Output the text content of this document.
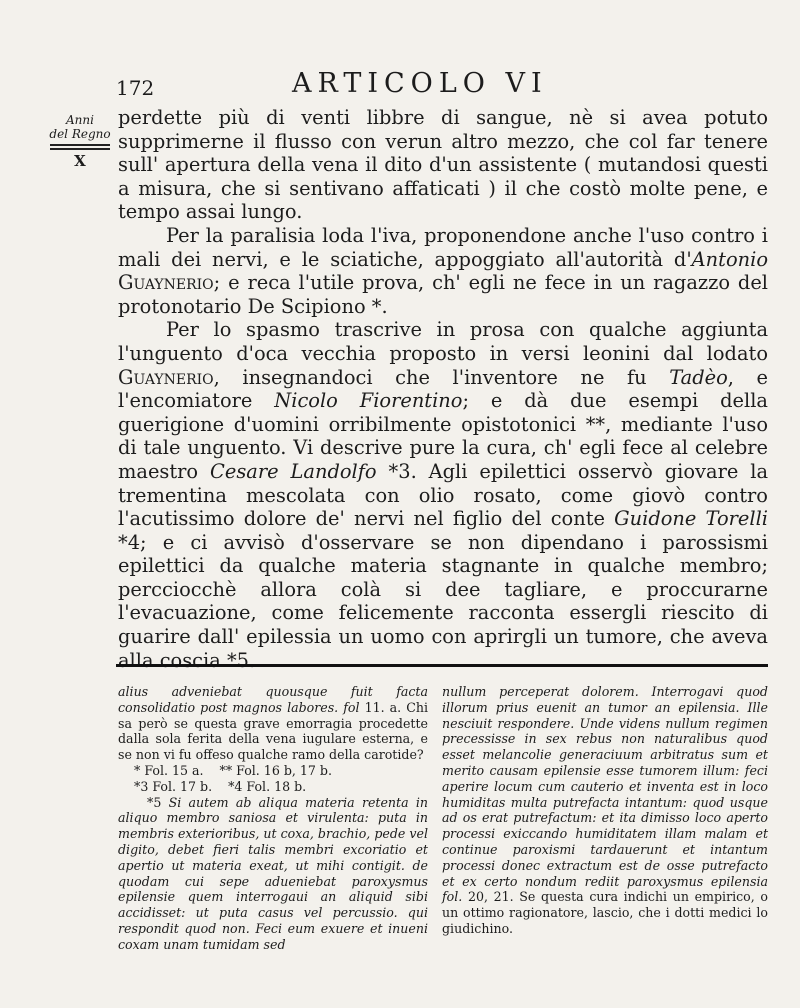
172	ARTICOLO VI
Anni
del Regno
X

perdette più di venti libbre di sangue, nè si avea potuto supprimerne il flusso con verun altro mezzo, che col far tenere sull' apertura della vena il dito d'un assistente ( mutandosi questi a misura, che si sentivano affaticati ) il che costò molte pene, e tempo assai lungo.

Per la paralisia loda l'iva, proponendone anche l'uso contro i mali dei nervi, e le sciatiche, appoggiato all'autorità d'Antonio Guaynerio; e reca l'utile prova, ch' egli ne fece in un ragazzo del protonotario De Scipiono *.

Per lo spasmo trascrive in prosa con qualche aggiunta l'unguento d'oca vecchia proposto in versi leonini dal lodato Guaynerio, insegnandoci che l'inventore ne fu Tadèo, e l'encomiatore Nicolo Fiorentino; e dà due esempi della guerigione d'uomini orribilmente opistotonici **, mediante l'uso di tale unguento. Vi descrive pure la cura, ch' egli fece al celebre maestro Cesare Landolfo *3. Agli epilettici osservò giovare la trementina mescolata con olio rosato, come giovò contro l'acutissimo dolore de' nervi nel figlio del conte Guidone Torelli *4; e ci avvisò d'osservare se non dipendano i parossismi epilettici da qualche materia stagnante in qualche membro; percciocchè allora colà si dee tagliare, e proccurarne l'evacuazione, come felicemente racconta essergli riescito di guarire dall' epilessia un uomo con aprirgli un tumore, che aveva alla coscia *5.

alius adveniebat quousque fuit facta consolidatio post magnos labores. fol 11. a. Chi sa però se questa grave emorragia procedette dalla sola ferita della vena iugulare esterna, e se non vi fu offeso qualche ramo della carotide?

* Fol. 15 a. ** Fol. 16 b, 17 b.

*3 Fol. 17 b. *4 Fol. 18 b.

*5 Si autem ab aliqua materia retenta in aliquo membro saniosa et virulenta: puta in membris exterioribus, ut coxa, brachio, pede vel digito, debet fieri talis membri excoriatio et apertio ut materia exeat, ut mihi contigit. de quodam cui sepe adueniebat paroxysmus epilensie quem interrogaui an aliquid sibi accidisset: ut puta casus vel percussio. qui respondit quod non. Feci eum exuere et inueni coxam unam tumidam sed

nullum perceperat dolorem. Interrogavi quod illorum prius euenit an tumor an epilensia. Ille nesciuit respondere. Unde videns nullum regimen precessisse in sex rebus non naturalibus quod esset melancolie generaciuum arbitratus sum et merito causam epilensie esse tumorem illum: feci aperire locum cum cauterio et inventa est in loco humiditas multa putrefacta intantum: quod usque ad os erat putrefactum: et ita dimisso loco aperto processi exiccando humiditatem illam malam et continue paroxismi tardauerunt et intantum processi donec extractum est de osse putrefacto et ex certo nondum rediit paroxysmus epilensia fol. 20, 21. Se questa cura indichi un empirico, o un ottimo ragionatore, lascio, che i dotti medici lo giudichino.
